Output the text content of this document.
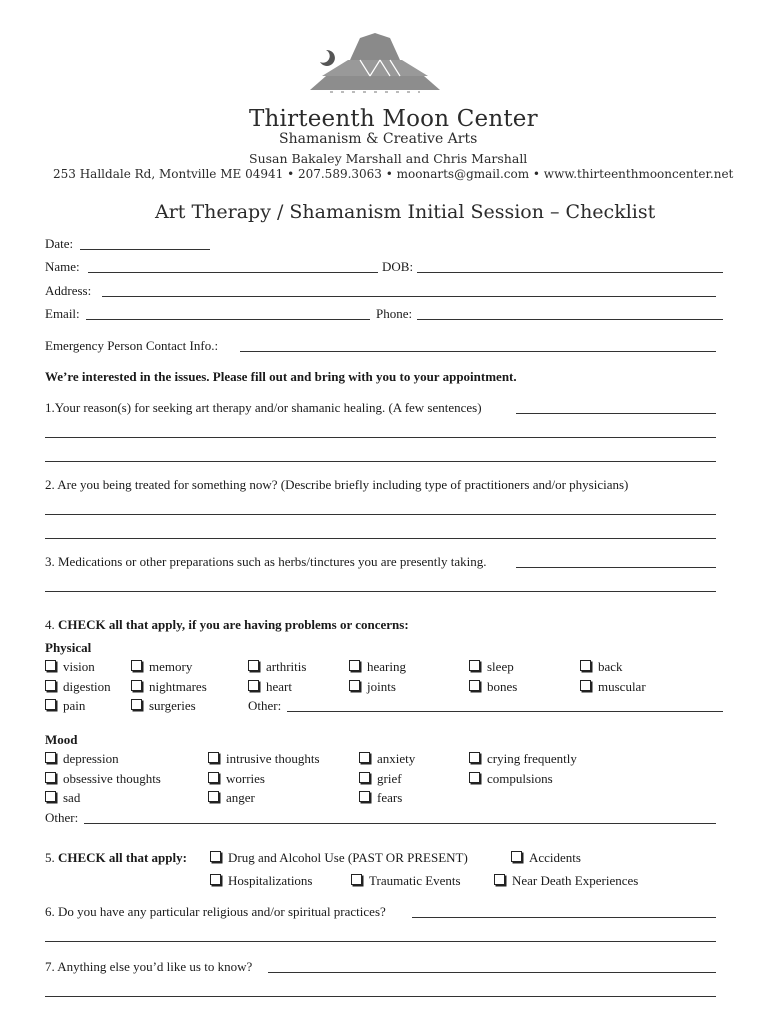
Thirteenth Moon Center
Shamanism & Creative Arts
Susan Bakaley Marshall and Chris Marshall
253 Halldale Rd, Montville ME 04941 • 207.589.3063 • moonarts@gmail.com • www.thirteenthmooncenter.net
Art Therapy / Shamanism Initial Session – Checklist
Date:
Name:	DOB:
Address:
Email:	Phone:
Emergency Person Contact Info.:
We’re interested in the issues. Please fill out and bring with you to your appointment.
1.Your reason(s) for seeking art therapy and/or shamanic healing. (A few sentences)
2. Are you being treated for something now? (Describe briefly including type of practitioners and/or physicians)
3. Medications or other preparations such as herbs/tinctures you are presently taking.
4. CHECK all that apply, if you are having problems or concerns:
Physical
vision	memory	arthritis	hearing	sleep	back
digestion	nightmares	heart	joints	bones	muscular
pain	surgeries	Other:
Mood
depression	intrusive thoughts	anxiety	crying frequently
obsessive thoughts	worries	grief	compulsions
sad	anger	fears
Other:
5. CHECK all that apply:	Drug and Alcohol Use (PAST OR PRESENT)	Accidents
Hospitalizations	Traumatic Events	Near Death Experiences
6. Do you have any particular religious and/or spiritual practices?
7. Anything else you’d like us to know?
